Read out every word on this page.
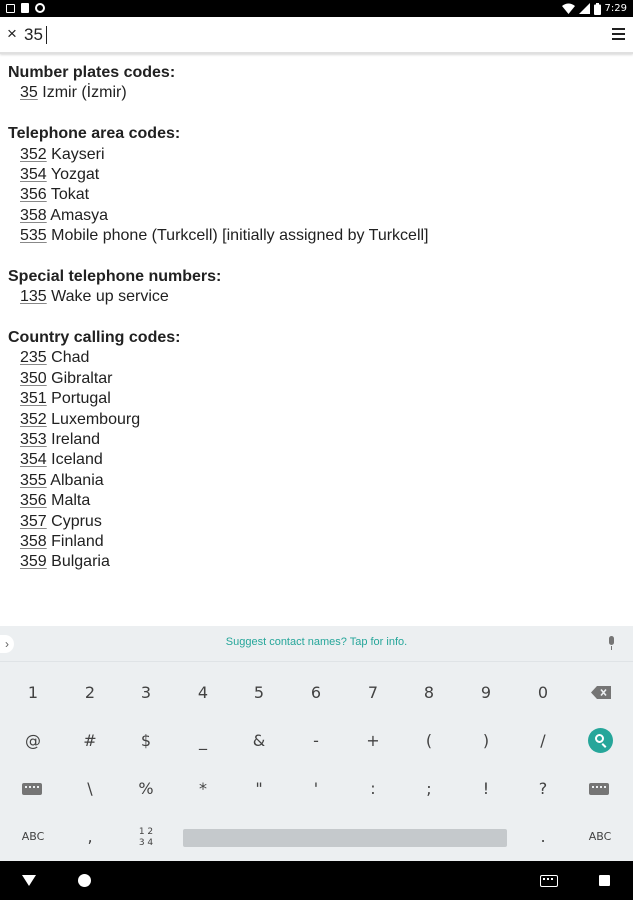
7:29
×
35
Number plates codes:
35 Izmir (İzmir)
Telephone area codes:
352 Kayseri
354 Yozgat
356 Tokat
358 Amasya
535 Mobile phone (Turkcell) [initially assigned by Turkcell]
Special telephone numbers:
135 Wake up service
Country calling codes:
235 Chad
350 Gibraltar
351 Portugal
352 Luxembourg
353 Ireland
354 Iceland
355 Albania
356 Malta
357 Cyprus
358 Finland
359 Bulgaria
›	Suggest contact names? Tap for info.
1	2	3	4	5	6	7	8	9	0
@	#	$	_	&	-	+	(	)	/
\	%	*	"	'	:	;	!	?
ABC	,	1 2
3 4	.	ABC
